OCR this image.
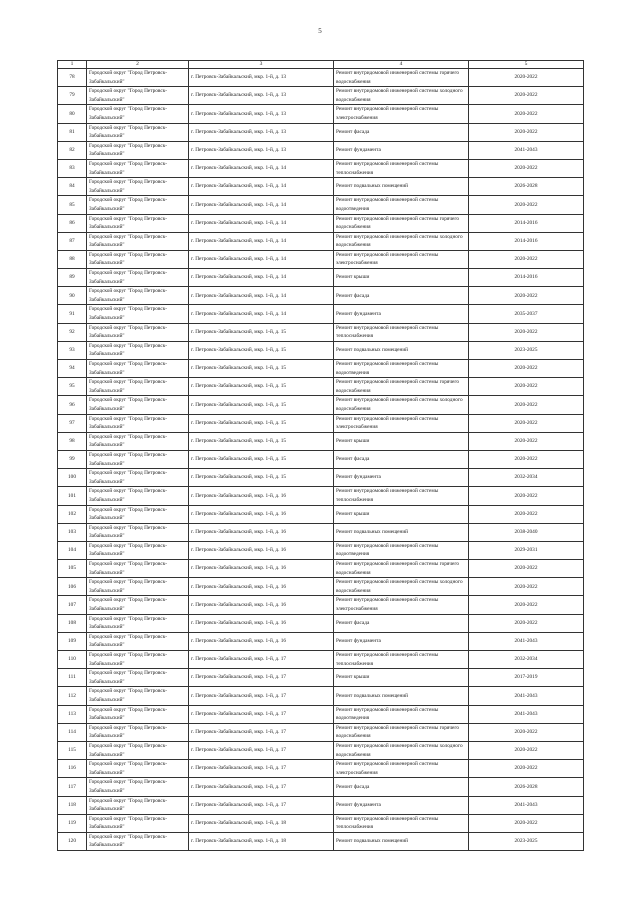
5
1	2	3	4	5
78	Городской округ "Город Петровск-Забайкальский"	г. Петровск-Забайкальский, мкр. 1-й, д. 13	Ремонт внутридомовой инженерной системы горячего водоснабжения	2020-2022
79	Городской округ "Город Петровск-Забайкальский"	г. Петровск-Забайкальский, мкр. 1-й, д. 13	Ремонт внутридомовой инженерной системы холодного водоснабжения	2020-2022
80	Городской округ "Город Петровск-Забайкальский"	г. Петровск-Забайкальский, мкр. 1-й, д. 13	Ремонт внутридомовой инженерной системы электроснабжения	2020-2022
81	Городской округ "Город Петровск-Забайкальский"	г. Петровск-Забайкальский, мкр. 1-й, д. 13	Ремонт фасада	2020-2022
82	Городской округ "Город Петровск-Забайкальский"	г. Петровск-Забайкальский, мкр. 1-й, д. 13	Ремонт фундамента	2041-2043
83	Городской округ "Город Петровск-Забайкальский"	г. Петровск-Забайкальский, мкр. 1-й, д. 14	Ремонт внутридомовой инженерной системы теплоснабжения	2020-2022
84	Городской округ "Город Петровск-Забайкальский"	г. Петровск-Забайкальский, мкр. 1-й, д. 14	Ремонт подвальных помещений	2026-2028
85	Городской округ "Город Петровск-Забайкальский"	г. Петровск-Забайкальский, мкр. 1-й, д. 14	Ремонт внутридомовой инженерной системы водоотведения	2020-2022
86	Городской округ "Город Петровск-Забайкальский"	г. Петровск-Забайкальский, мкр. 1-й, д. 14	Ремонт внутридомовой инженерной системы горячего водоснабжения	2014-2016
87	Городской округ "Город Петровск-Забайкальский"	г. Петровск-Забайкальский, мкр. 1-й, д. 14	Ремонт внутридомовой инженерной системы холодного водоснабжения	2014-2016
88	Городской округ "Город Петровск-Забайкальский"	г. Петровск-Забайкальский, мкр. 1-й, д. 14	Ремонт внутридомовой инженерной системы электроснабжения	2020-2022
89	Городской округ "Город Петровск-Забайкальский"	г. Петровск-Забайкальский, мкр. 1-й, д. 14	Ремонт крыши	2014-2016
90	Городской округ "Город Петровск-Забайкальский"	г. Петровск-Забайкальский, мкр. 1-й, д. 14	Ремонт фасада	2020-2022
91	Городской округ "Город Петровск-Забайкальский"	г. Петровск-Забайкальский, мкр. 1-й, д. 14	Ремонт фундамента	2035-2037
92	Городской округ "Город Петровск-Забайкальский"	г. Петровск-Забайкальский, мкр. 1-й, д. 15	Ремонт внутридомовой инженерной системы теплоснабжения	2020-2022
93	Городской округ "Город Петровск-Забайкальский"	г. Петровск-Забайкальский, мкр. 1-й, д. 15	Ремонт подвальных помещений	2023-2025
94	Городской округ "Город Петровск-Забайкальский"	г. Петровск-Забайкальский, мкр. 1-й, д. 15	Ремонт внутридомовой инженерной системы водоотведения	2020-2022
95	Городской округ "Город Петровск-Забайкальский"	г. Петровск-Забайкальский, мкр. 1-й, д. 15	Ремонт внутридомовой инженерной системы горячего водоснабжения	2020-2022
96	Городской округ "Город Петровск-Забайкальский"	г. Петровск-Забайкальский, мкр. 1-й, д. 15	Ремонт внутридомовой инженерной системы холодного водоснабжения	2020-2022
97	Городской округ "Город Петровск-Забайкальский"	г. Петровск-Забайкальский, мкр. 1-й, д. 15	Ремонт внутридомовой инженерной системы электроснабжения	2020-2022
98	Городской округ "Город Петровск-Забайкальский"	г. Петровск-Забайкальский, мкр. 1-й, д. 15	Ремонт крыши	2020-2022
99	Городской округ "Город Петровск-Забайкальский"	г. Петровск-Забайкальский, мкр. 1-й, д. 15	Ремонт фасада	2020-2022
100	Городской округ "Город Петровск-Забайкальский"	г. Петровск-Забайкальский, мкр. 1-й, д. 15	Ремонт фундамента	2032-2034
101	Городской округ "Город Петровск-Забайкальский"	г. Петровск-Забайкальский, мкр. 1-й, д. 16	Ремонт внутридомовой инженерной системы теплоснабжения	2020-2022
102	Городской округ "Город Петровск-Забайкальский"	г. Петровск-Забайкальский, мкр. 1-й, д. 16	Ремонт крыши	2020-2022
103	Городской округ "Город Петровск-Забайкальский"	г. Петровск-Забайкальский, мкр. 1-й, д. 16	Ремонт подвальных помещений	2038-2040
104	Городской округ "Город Петровск-Забайкальский"	г. Петровск-Забайкальский, мкр. 1-й, д. 16	Ремонт внутридомовой инженерной системы водоотведения	2029-2031
105	Городской округ "Город Петровск-Забайкальский"	г. Петровск-Забайкальский, мкр. 1-й, д. 16	Ремонт внутридомовой инженерной системы горячего водоснабжения	2020-2022
106	Городской округ "Город Петровск-Забайкальский"	г. Петровск-Забайкальский, мкр. 1-й, д. 16	Ремонт внутридомовой инженерной системы холодного водоснабжения	2020-2022
107	Городской округ "Город Петровск-Забайкальский"	г. Петровск-Забайкальский, мкр. 1-й, д. 16	Ремонт внутридомовой инженерной системы электроснабжения	2020-2022
108	Городской округ "Город Петровск-Забайкальский"	г. Петровск-Забайкальский, мкр. 1-й, д. 16	Ремонт фасада	2020-2022
109	Городской округ "Город Петровск-Забайкальский"	г. Петровск-Забайкальский, мкр. 1-й, д. 16	Ремонт фундамента	2041-2043
110	Городской округ "Город Петровск-Забайкальский"	г. Петровск-Забайкальский, мкр. 1-й, д. 17	Ремонт внутридомовой инженерной системы теплоснабжения	2032-2034
111	Городской округ "Город Петровск-Забайкальский"	г. Петровск-Забайкальский, мкр. 1-й, д. 17	Ремонт крыши	2017-2019
112	Городской округ "Город Петровск-Забайкальский"	г. Петровск-Забайкальский, мкр. 1-й, д. 17	Ремонт подвальных помещений	2041-2043
113	Городской округ "Город Петровск-Забайкальский"	г. Петровск-Забайкальский, мкр. 1-й, д. 17	Ремонт внутридомовой инженерной системы водоотведения	2041-2043
114	Городской округ "Город Петровск-Забайкальский"	г. Петровск-Забайкальский, мкр. 1-й, д. 17	Ремонт внутридомовой инженерной системы горячего водоснабжения	2020-2022
115	Городской округ "Город Петровск-Забайкальский"	г. Петровск-Забайкальский, мкр. 1-й, д. 17	Ремонт внутридомовой инженерной системы холодного водоснабжения	2020-2022
116	Городской округ "Город Петровск-Забайкальский"	г. Петровск-Забайкальский, мкр. 1-й, д. 17	Ремонт внутридомовой инженерной системы электроснабжения	2020-2022
117	Городской округ "Город Петровск-Забайкальский"	г. Петровск-Забайкальский, мкр. 1-й, д. 17	Ремонт фасада	2026-2028
118	Городской округ "Город Петровск-Забайкальский"	г. Петровск-Забайкальский, мкр. 1-й, д. 17	Ремонт фундамента	2041-2043
119	Городской округ "Город Петровск-Забайкальский"	г. Петровск-Забайкальский, мкр. 1-й, д. 18	Ремонт внутридомовой инженерной системы теплоснабжения	2020-2022
120	Городской округ "Город Петровск-Забайкальский"	г. Петровск-Забайкальский, мкр. 1-й, д. 18	Ремонт подвальных помещений	2023-2025
